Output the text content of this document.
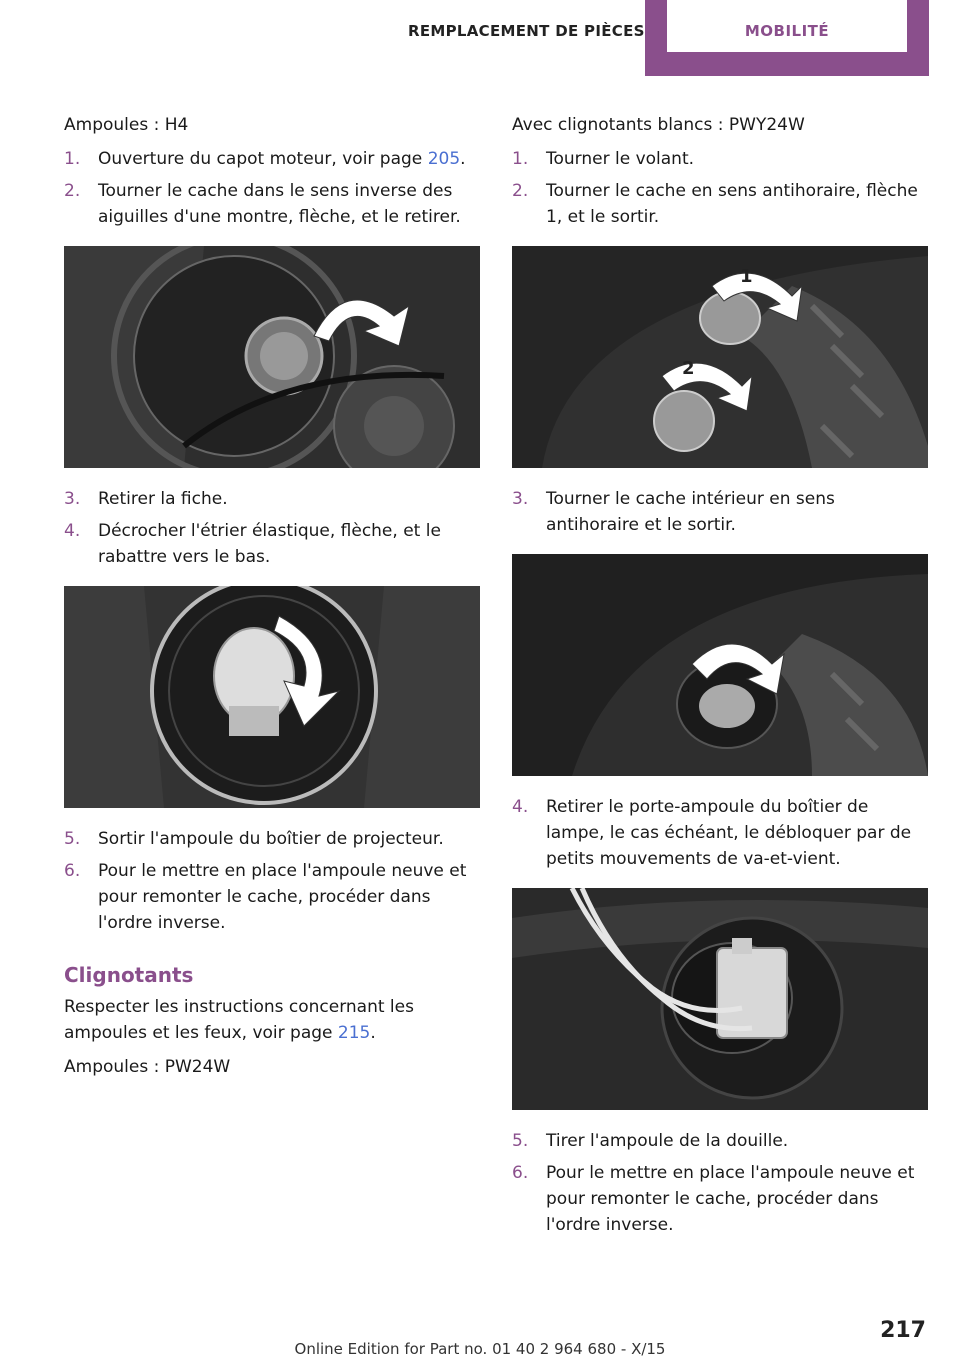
REMPLACEMENT DE PIÈCES	MOBILITÉ

Ampoules : H4

1.	Ouverture du capot moteur, voir page 205.
2.	Tourner le cache dans le sens inverse des aiguilles d'une montre, flèche, et le retirer.
3.	Retirer la fiche.
4.	Décrocher l'étrier élastique, flèche, et le rabattre vers le bas.
5.	Sortir l'ampoule du boîtier de projecteur.
6.	Pour le mettre en place l'ampoule neuve et pour remonter le cache, procéder dans l'ordre inverse.
Clignotants

Respecter les instructions concernant les ampoules et les feux, voir page 215.

Ampoules : PW24W

Avec clignotants blancs : PWY24W

1.	Tourner le volant.
2.	Tourner le cache en sens antihoraire, flèche 1, et le sortir.
1
2
3.	Tourner le cache intérieur en sens antihoraire et le sortir.
4.	Retirer le porte-ampoule du boîtier de lampe, le cas échéant, le débloquer par de petits mouvements de va-et-vient.
5.	Tirer l'ampoule de la douille.
6.	Pour le mettre en place l'ampoule neuve et pour remonter le cache, procéder dans l'ordre inverse.
217
Online Edition for Part no. 01 40 2 964 680 - X/15
